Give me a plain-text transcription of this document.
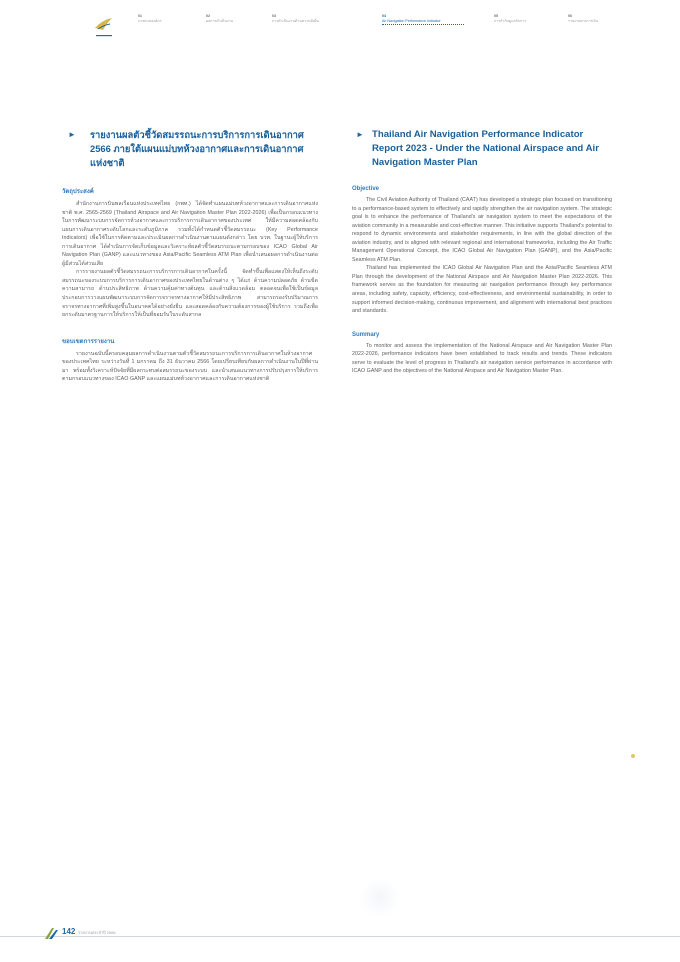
01
ภาพรวมองค์กร
02
ผลการดำเนินงาน
03
การดำเนินงานด้านความยั่งยืน
04
Air Navigation Performance Indicator
05
การกำกับดูแลกิจการ
06
รายงานทางการเงิน
►	รายงานผลตัวชี้วัดสมรรถนะการบริการการเดินอากาศ 2566 ภายใต้แผนแม่บทห้วงอากาศและการเดินอากาศแห่งชาติ
วัตถุประสงค์

สำนักงานการบินพลเรือนแห่งประเทศไทย (กพท.) ได้จัดทำแผนแม่บทห้วงอากาศและการเดินอากาศแห่งชาติ พ.ศ. 2565-2569 (Thailand Airspace and Air Navigation Master Plan 2022-2026) เพื่อเป็นกรอบแนวทางในการพัฒนาระบบการจัดการห้วงอากาศและการบริการการเดินอากาศของประเทศ ให้มีความสอดคล้องกับแผนการเดินอากาศระดับโลกและระดับภูมิภาค รวมทั้งได้กำหนดตัวชี้วัดสมรรถนะ (Key Performance Indicators) เพื่อใช้ในการติดตามและประเมินผลการดำเนินงานตามแผนดังกล่าว โดย บวท. ในฐานะผู้ให้บริการการเดินอากาศ ได้ดำเนินการจัดเก็บข้อมูลและวิเคราะห์ผลตัวชี้วัดสมรรถนะตามกรอบของ ICAO Global Air Navigation Plan (GANP) และแนวทางของ Asia/Pacific Seamless ATM Plan เพื่อนำเสนอผลการดำเนินงานต่อผู้มีส่วนได้ส่วนเสีย

การรายงานผลตัวชี้วัดสมรรถนะการบริการการเดินอากาศในครั้งนี้ จัดทำขึ้นเพื่อแสดงให้เห็นถึงระดับสมรรถนะของระบบการบริการการเดินอากาศของประเทศไทยในด้านต่าง ๆ ได้แก่ ด้านความปลอดภัย ด้านขีดความสามารถ ด้านประสิทธิภาพ ด้านความคุ้มค่าทางต้นทุน และด้านสิ่งแวดล้อม ตลอดจนเพื่อใช้เป็นข้อมูลประกอบการวางแผนพัฒนาระบบการจัดการจราจรทางอากาศให้มีประสิทธิภาพ สามารถรองรับปริมาณการจราจรทางอากาศที่เพิ่มสูงขึ้นในอนาคตได้อย่างยั่งยืน และสอดคล้องกับความต้องการของผู้ใช้บริการ รวมถึงเพื่อยกระดับมาตรฐานการให้บริการให้เป็นที่ยอมรับในระดับสากล

ขอบเขตการรายงาน

รายงานฉบับนี้ครอบคลุมผลการดำเนินงานตามตัวชี้วัดสมรรถนะการบริการการเดินอากาศในห้วงอากาศของประเทศไทย ระหว่างวันที่ 1 มกราคม ถึง 31 ธันวาคม 2566 โดยเปรียบเทียบกับผลการดำเนินงานในปีที่ผ่านมา พร้อมทั้งวิเคราะห์ปัจจัยที่มีผลกระทบต่อสมรรถนะของระบบ และนำเสนอแนวทางการปรับปรุงการให้บริการ ตามกรอบแนวทางของ ICAO GANP และแผนแม่บทห้วงอากาศและการเดินอากาศแห่งชาติ

► Thailand Air Navigation Performance Indicator Report 2023 - Under the National Airspace and Air Navigation Master Plan
Objective

The Civil Aviation Authority of Thailand (CAAT) has developed a strategic plan focused on transitioning to a performance-based system to effectively and rapidly strengthen the air navigation system. The strategic goal is to enhance the performance of Thailand's air navigation system to meet the expectations of the aviation community in a measurable and cost-effective manner. This initiative supports Thailand's potential to respond to dynamic environments and stakeholder requirements, in line with the global direction of the aviation industry, and is aligned with relevant regional and international frameworks, including the Air Traffic Management Operational Concept, the ICAO Global Air Navigation Plan (GANP), and the Asia/Pacific Seamless ATM Plan.

Thailand has implemented the ICAO Global Air Navigation Plan and the Asia/Pacific Seamless ATM Plan through the development of the National Airspace and Air Navigation Master Plan 2022-2026. This framework serves as the foundation for measuring air navigation performance through key performance areas, including safety, capacity, efficiency, cost-effectiveness, and environmental sustainability, in order to support informed decision-making, continuous improvement, and alignment with international best practices and standards.

Summary

To monitor and assess the implementation of the National Airspace and Air Navigation Master Plan 2022-2026, performance indicators have been established to track results and trends. These indicators serve to evaluate the level of progress in Thailand's air navigation service performance in accordance with ICAO GANP and the objectives of the National Airspace and Air Navigation Master Plan.

142 รายงานประจำปี 2566
